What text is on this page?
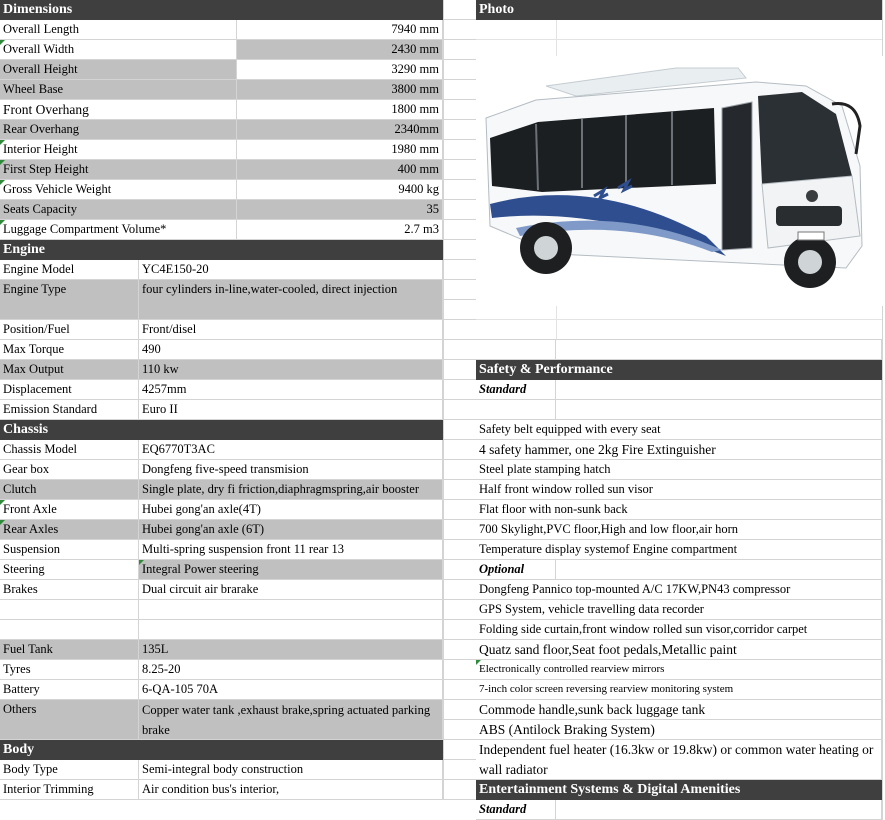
Dimensions
Overall Length	7940 mm
Overall Width	2430 mm
Overall Height	3290 mm
Wheel Base	3800 mm
Front Overhang	1800 mm
Rear Overhang	2340mm
Interior Height	1980 mm
First Step Height	400 mm
Gross Vehicle Weight	9400 kg
Seats Capacity	35
Luggage Compartment Volume*	2.7 m3
Engine
Engine Model	YC4E150-20
Engine Type	four cylinders in-line,water-cooled, direct injection
Position/Fuel	Front/disel
Max Torque	490
Max Output	110 kw
Displacement	4257mm
Emission Standard	Euro II
Chassis
Chassis Model	EQ6770T3AC
Gear box	Dongfeng five-speed transmision
Clutch	Single plate, dry fi friction,diaphragmspring,air booster
Front Axle	Hubei gong'an axle(4T)
Rear Axles	Hubei gong'an axle (6T)
Suspension	Multi-spring suspension front 11 rear 13
Steering	Integral Power steering
Brakes	Dual circuit air brarake
Fuel Tank	135L
Tyres	8.25-20
Battery	6-QA-105 70A
Others	Copper water tank ,exhaust brake,spring actuated parking brake
Body
Body Type	Semi-integral body construction
Interior Trimming	Air condition bus's interior,
Photo
Safety & Performance
Standard
Safety belt equipped with every seat
4 safety hammer, one 2kg Fire Extinguisher
Steel plate stamping hatch
Half front window rolled sun visor
Flat floor with non-sunk back
700 Skylight,PVC floor,High and low floor,air horn
Temperature display systemof Engine compartment
Optional
Dongfeng Pannico top-mounted A/C 17KW,PN43 compressor
GPS System, vehicle travelling data recorder
Folding side curtain,front window rolled sun visor,corridor carpet
Quatz sand floor,Seat foot pedals,Metallic paint
Electronically controlled rearview mirrors
7-inch color screen reversing rearview monitoring system
Commode handle,sunk back luggage tank
ABS (Antilock Braking System)
Independent fuel heater (16.3kw or 19.8kw) or common water heating or wall radiator
Entertainment Systems & Digital Amenities
Standard
